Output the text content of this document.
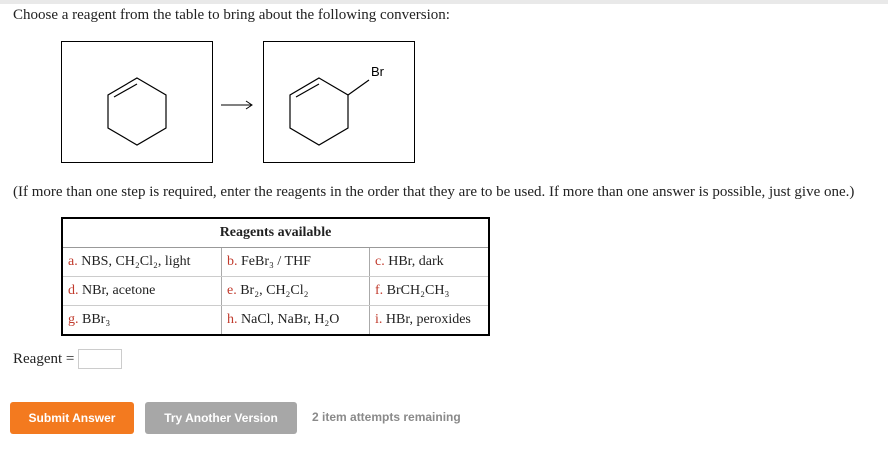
Choose a reagent from the table to bring about the following conversion:
Br
(If more than one step is required, enter the reagents in the order that they are to be used. If more than one answer is possible, just give one.)
Reagents available		
a. NBS, CH₂Cl₂, light	b. FeBr₃ / THF	c. HBr, dark
d. NBr, acetone	e. Br₂, CH₂Cl₂	f. BrCH₂CH₃
g. BBr₃	h. NaCl, NaBr, H₂O	i. HBr, peroxides
Reagent =
Submit Answer	Try Another Version	2 item attempts remaining
